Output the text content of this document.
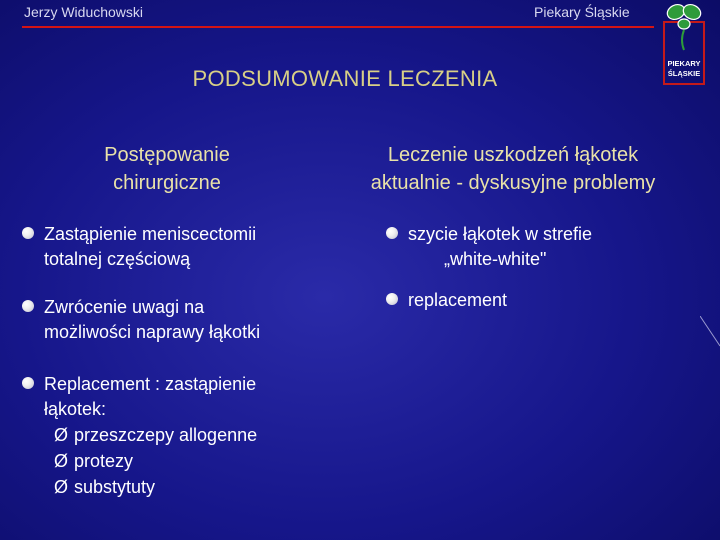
Jerzy Widuchowski	Piekary Śląskie
PIEKARY
ŚLĄSKIE
PODSUMOWANIE LECZENIA
Postępowanie
chirurgiczne
Leczenie uszkodzeń łąkotek
aktualnie - dyskusyjne problemy
Zastąpienie meniscectomii
totalnej częściową
Zwrócenie uwagi na
możliwości naprawy łąkotki
Replacement : zastąpienie
łąkotek:
Ø przeszczepy allogenne
Ø protezy
Ø substytuty
szycie łąkotek w strefie
„white-white"
replacement
